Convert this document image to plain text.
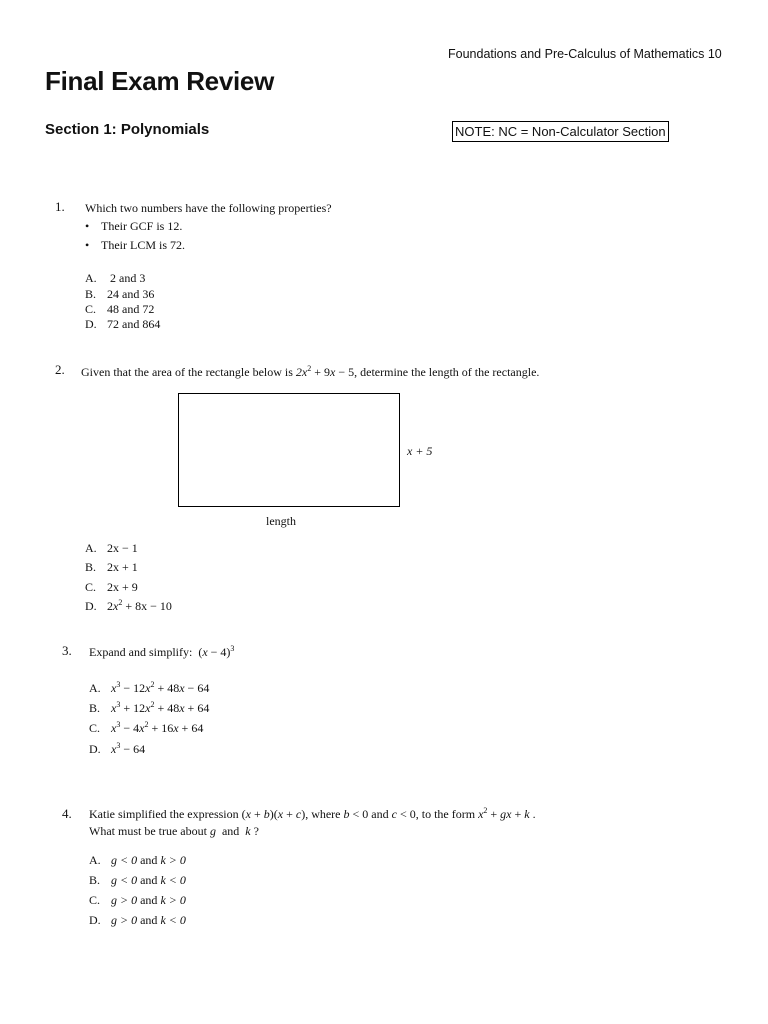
Foundations and Pre-Calculus of Mathematics 10
Final Exam Review
Section 1: Polynomials	NOTE: NC = Non-Calculator Section
1. Which two numbers have the following properties?
• Their GCF is 12.
• Their LCM is 72.
A. 2 and 3
B. 24 and 36
C. 48 and 72
D. 72 and 864
2. Given that the area of the rectangle below is $2x^2 + 9x - 5$, determine the length of the rectangle.
x + 5
length
A. 2x − 1
B. 2x + 1
C. 2x + 9
D. $2x^2 + 8x - 10$
3. Expand and simplify:  $(x - 4)^3$
A. $x^3 - 12x^2 + 48x - 64$
B. $x^3 + 12x^2 + 48x + 64$
C. $x^3 - 4x^2 + 16x + 64$
D. $x^3 - 64$
4. Katie simplified the expression (x + b)(x + c), where b < 0 and c < 0, to the form $x^2$ + gx + k .
What must be true about g and k ?
A. g < 0 and k > 0
B. g < 0 and k < 0
C. g > 0 and k > 0
D. g > 0 and k < 0
